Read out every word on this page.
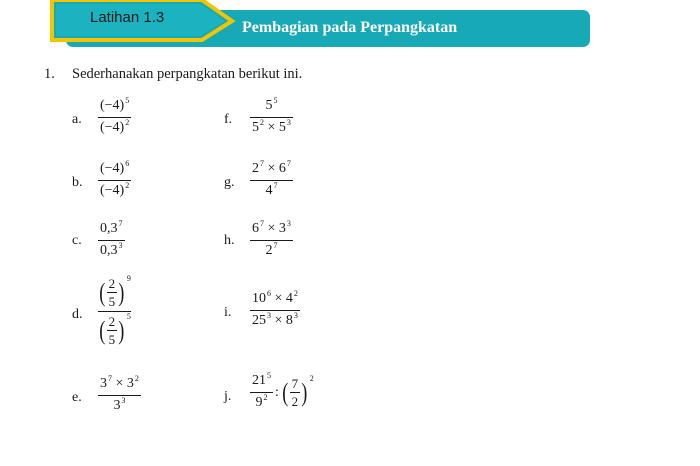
Latihan 1.3
Pembagian pada Perpangkatan
1. Sederhanakan perpangkatan berikut ini.
a. $\frac{(-4)^5}{(-4)^2}$
b. $\frac{(-4)^6}{(-4)^2}$
c. $\frac{0,3^7}{0,3^3}$
d.
( $\frac{2}{5}$ ) $^9$
( $\frac{2}{5}$ ) $^5$
e. $\frac{3^7 \times 3^2}{3^3}$
f. $\frac{5^5}{5^2 \times 5^3}$
g. $\frac{2^7 \times 6^7}{4^7}$
h. $\frac{6^7 \times 3^3}{2^7}$
i. $\frac{10^6 \times 4^2}{25^3 \times 8^3}$
j. $\frac{21^5}{9^2}$ : ( $\frac{7}{2}$ ) $^2$
